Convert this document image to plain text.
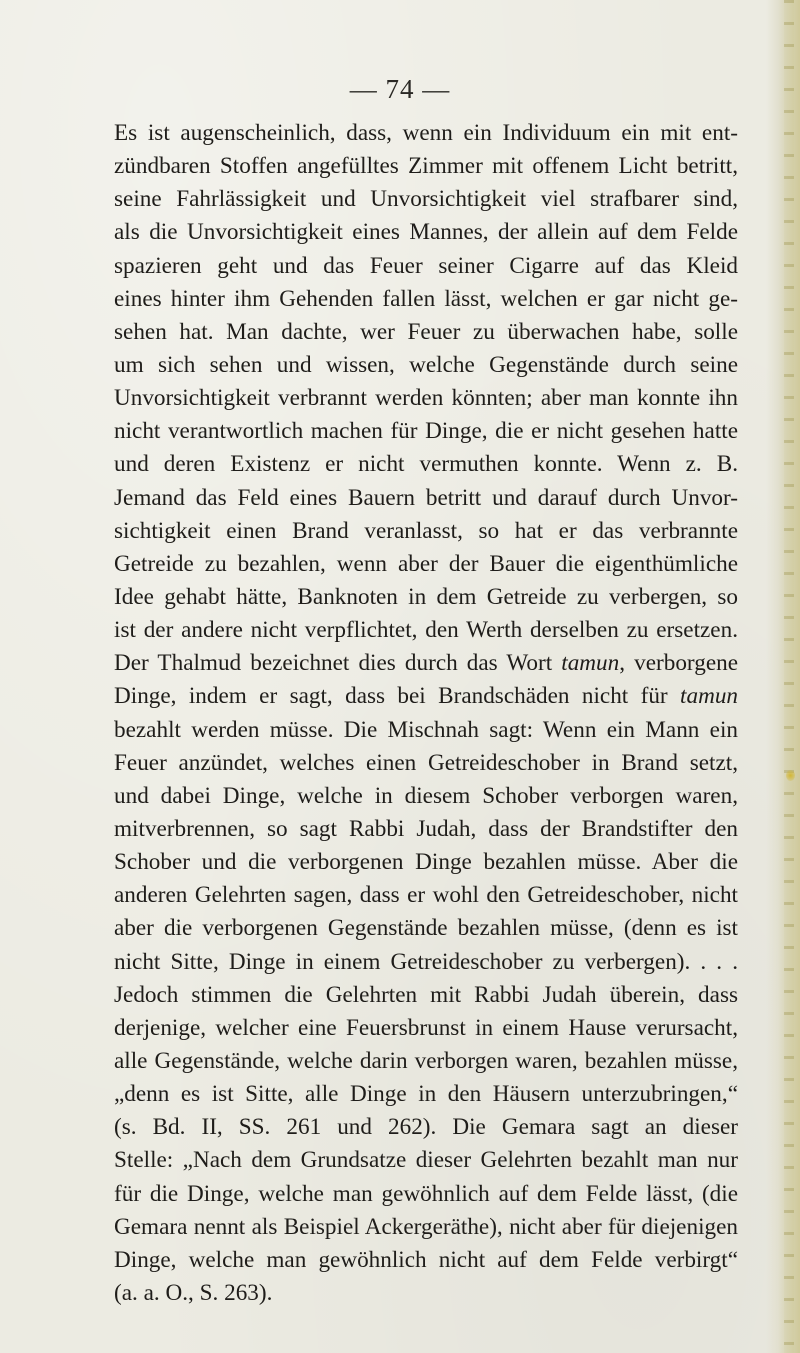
— 74 —
Es ist augenscheinlich, dass, wenn ein Individuum ein mit ent-
zündbaren Stoffen angefülltes Zimmer mit offenem Licht betritt,
seine Fahrlässigkeit und Unvorsichtigkeit viel strafbarer sind,
als die Unvorsichtigkeit eines Mannes, der allein auf dem Felde
spazieren geht und das Feuer seiner Cigarre auf das Kleid
eines hinter ihm Gehenden fallen lässt, welchen er gar nicht ge-
sehen hat. Man dachte, wer Feuer zu überwachen habe, solle
um sich sehen und wissen, welche Gegenstände durch seine
Unvorsichtigkeit verbrannt werden könnten; aber man konnte ihn
nicht verantwortlich machen für Dinge, die er nicht gesehen hatte
und deren Existenz er nicht vermuthen konnte. Wenn z. B.
Jemand das Feld eines Bauern betritt und darauf durch Unvor-
sichtigkeit einen Brand veranlasst, so hat er das verbrannte
Getreide zu bezahlen, wenn aber der Bauer die eigenthümliche
Idee gehabt hätte, Banknoten in dem Getreide zu verbergen, so
ist der andere nicht verpflichtet, den Werth derselben zu ersetzen.
Der Thalmud bezeichnet dies durch das Wort tamun, verborgene
Dinge, indem er sagt, dass bei Brandschäden nicht für tamun
bezahlt werden müsse. Die Mischnah sagt: Wenn ein Mann ein
Feuer anzündet, welches einen Getreideschober in Brand setzt,
und dabei Dinge, welche in diesem Schober verborgen waren,
mitverbrennen, so sagt Rabbi Judah, dass der Brandstifter den
Schober und die verborgenen Dinge bezahlen müsse. Aber die
anderen Gelehrten sagen, dass er wohl den Getreideschober, nicht
aber die verborgenen Gegenstände bezahlen müsse, (denn es ist
nicht Sitte, Dinge in einem Getreideschober zu verbergen). . . .
Jedoch stimmen die Gelehrten mit Rabbi Judah überein, dass
derjenige, welcher eine Feuersbrunst in einem Hause verursacht,
alle Gegenstände, welche darin verborgen waren, bezahlen müsse,
„denn es ist Sitte, alle Dinge in den Häusern unterzubringen,“
(s. Bd. II, SS. 261 und 262). Die Gemara sagt an dieser
Stelle: „Nach dem Grundsatze dieser Gelehrten bezahlt man nur
für die Dinge, welche man gewöhnlich auf dem Felde lässt, (die
Gemara nennt als Beispiel Ackergeräthe), nicht aber für diejenigen
Dinge, welche man gewöhnlich nicht auf dem Felde verbirgt“
(a. a. O., S. 263).
